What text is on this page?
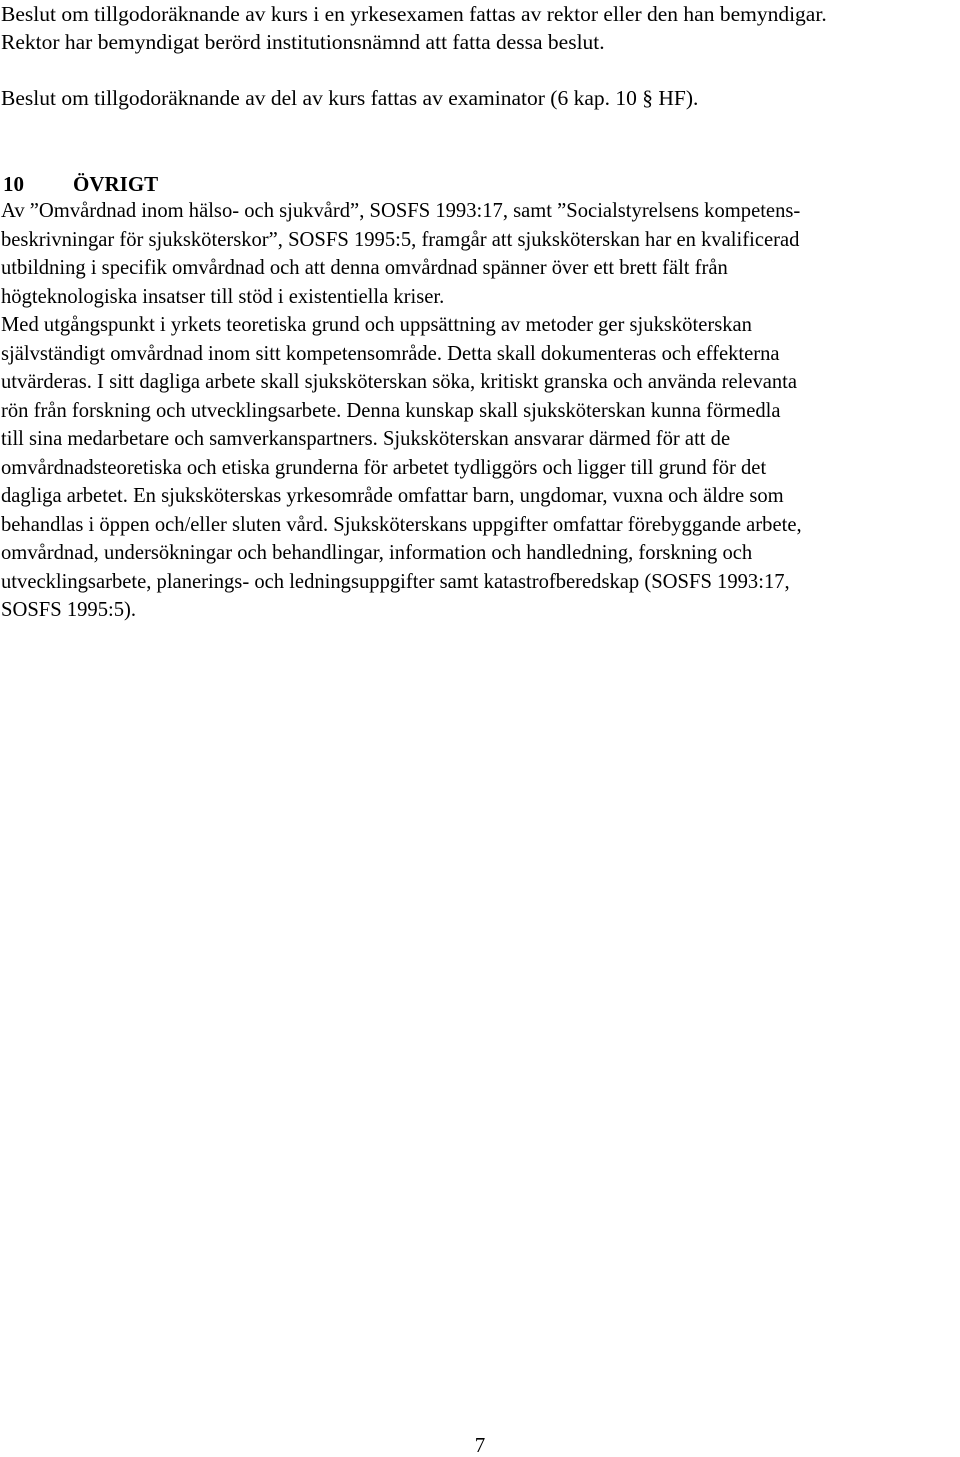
Beslut om tillgodoräknande av kurs i en yrkesexamen fattas av rektor eller den han bemyndigar.

Rektor har bemyndigat berörd institutionsnämnd att fatta dessa beslut.

Beslut om tillgodoräknande av del av kurs fattas av examinator (6 kap. 10 § HF).

10 ÖVRIGT
Av ”Omvårdnad inom hälso- och sjukvård”, SOSFS 1993:17, samt ”Socialstyrelsens kompetens-
beskrivningar för sjuksköterskor”, SOSFS 1995:5, framgår att sjuksköterskan har en kvalificerad
utbildning i specifik omvårdnad och att denna omvårdnad spänner över ett brett fält från
högteknologiska insatser till stöd i existentiella kriser.
Med utgångspunkt i yrkets teoretiska grund och uppsättning av metoder ger sjuksköterskan
självständigt omvårdnad inom sitt kompetensområde. Detta skall dokumenteras och effekterna
utvärderas. I sitt dagliga arbete skall sjuksköterskan söka, kritiskt granska och använda relevanta
rön från forskning och utvecklingsarbete. Denna kunskap skall sjuksköterskan kunna förmedla
till sina medarbetare och samverkanspartners. Sjuksköterskan ansvarar därmed för att de
omvårdnadsteoretiska och etiska grunderna för arbetet tydliggörs och ligger till grund för det
dagliga arbetet. En sjuksköterskas yrkesområde omfattar barn, ungdomar, vuxna och äldre som
behandlas i öppen och/eller sluten vård. Sjuksköterskans uppgifter omfattar förebyggande arbete,
omvårdnad, undersökningar och behandlingar, information och handledning, forskning och
utvecklingsarbete, planerings- och ledningsuppgifter samt katastrofberedskap (SOSFS 1993:17,
SOSFS 1995:5).
7
